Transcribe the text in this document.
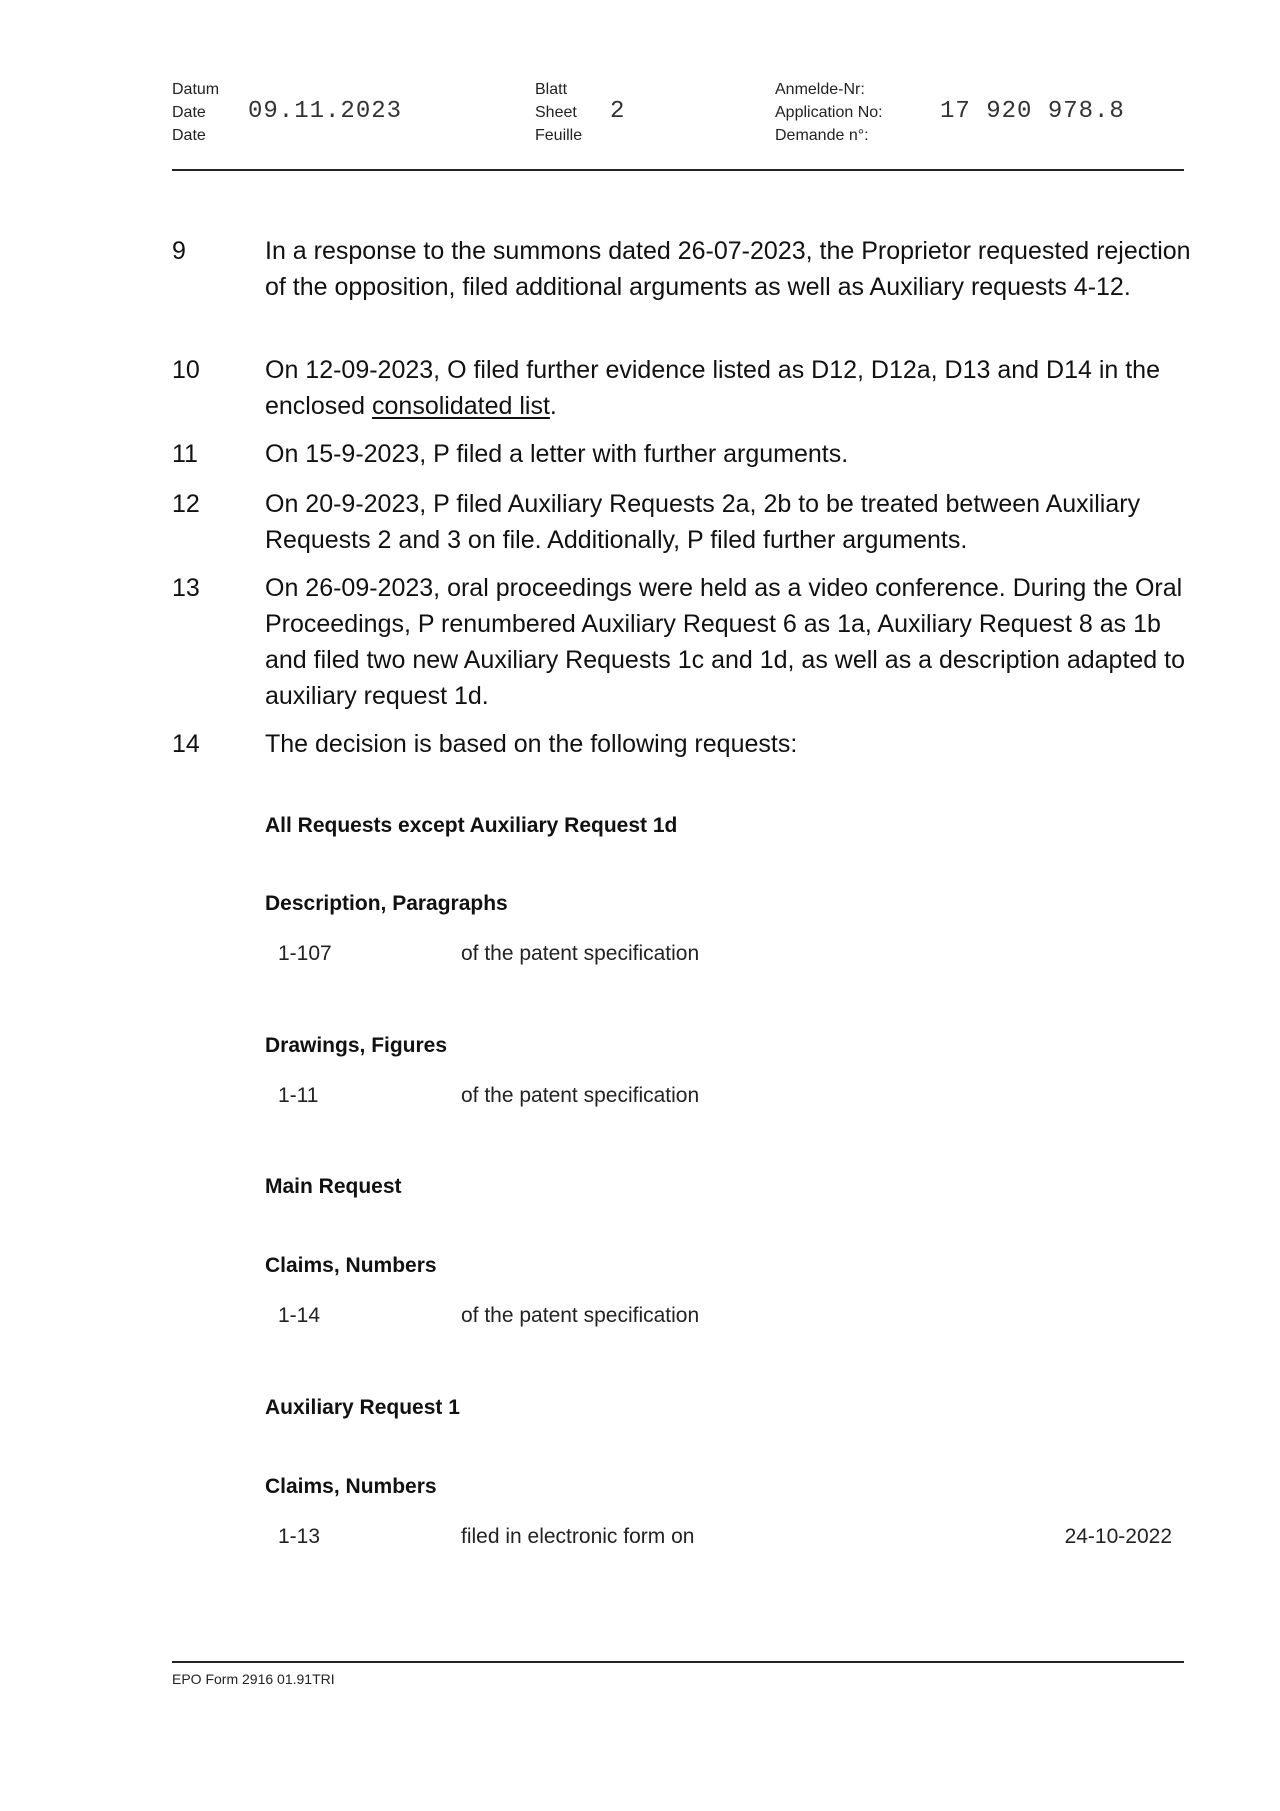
Datum
Date
Date
09.11.2023
Blatt
Sheet
Feuille
2
Anmelde-Nr:
Application No:
Demande n°:
17 920 978.8
9	In a response to the summons dated 26-07-2023, the Proprietor requested rejection of the opposition, filed additional arguments as well as Auxiliary requests 4-12.
10	On 12-09-2023, O filed further evidence listed as D12, D12a, D13 and D14 in the enclosed consolidated list.
11	On 15-9-2023, P filed a letter with further arguments.
12	On 20-9-2023, P filed Auxiliary Requests 2a, 2b to be treated between Auxiliary Requests 2 and 3 on file. Additionally, P filed further arguments.
13	On 26-09-2023, oral proceedings were held as a video conference. During the Oral Proceedings, P renumbered Auxiliary Request 6 as 1a, Auxiliary Request 8 as 1b and filed two new Auxiliary Requests 1c and 1d, as well as a description adapted to auxiliary request 1d.
14	The decision is based on the following requests:
All Requests except Auxiliary Request 1d
Description, Paragraphs
1-107	of the patent specification
Drawings, Figures
1-11	of the patent specification
Main Request
Claims, Numbers
1-14	of the patent specification
Auxiliary Request 1
Claims, Numbers
1-13	filed in electronic form on	24-10-2022
EPO Form 2916 01.91TRI
